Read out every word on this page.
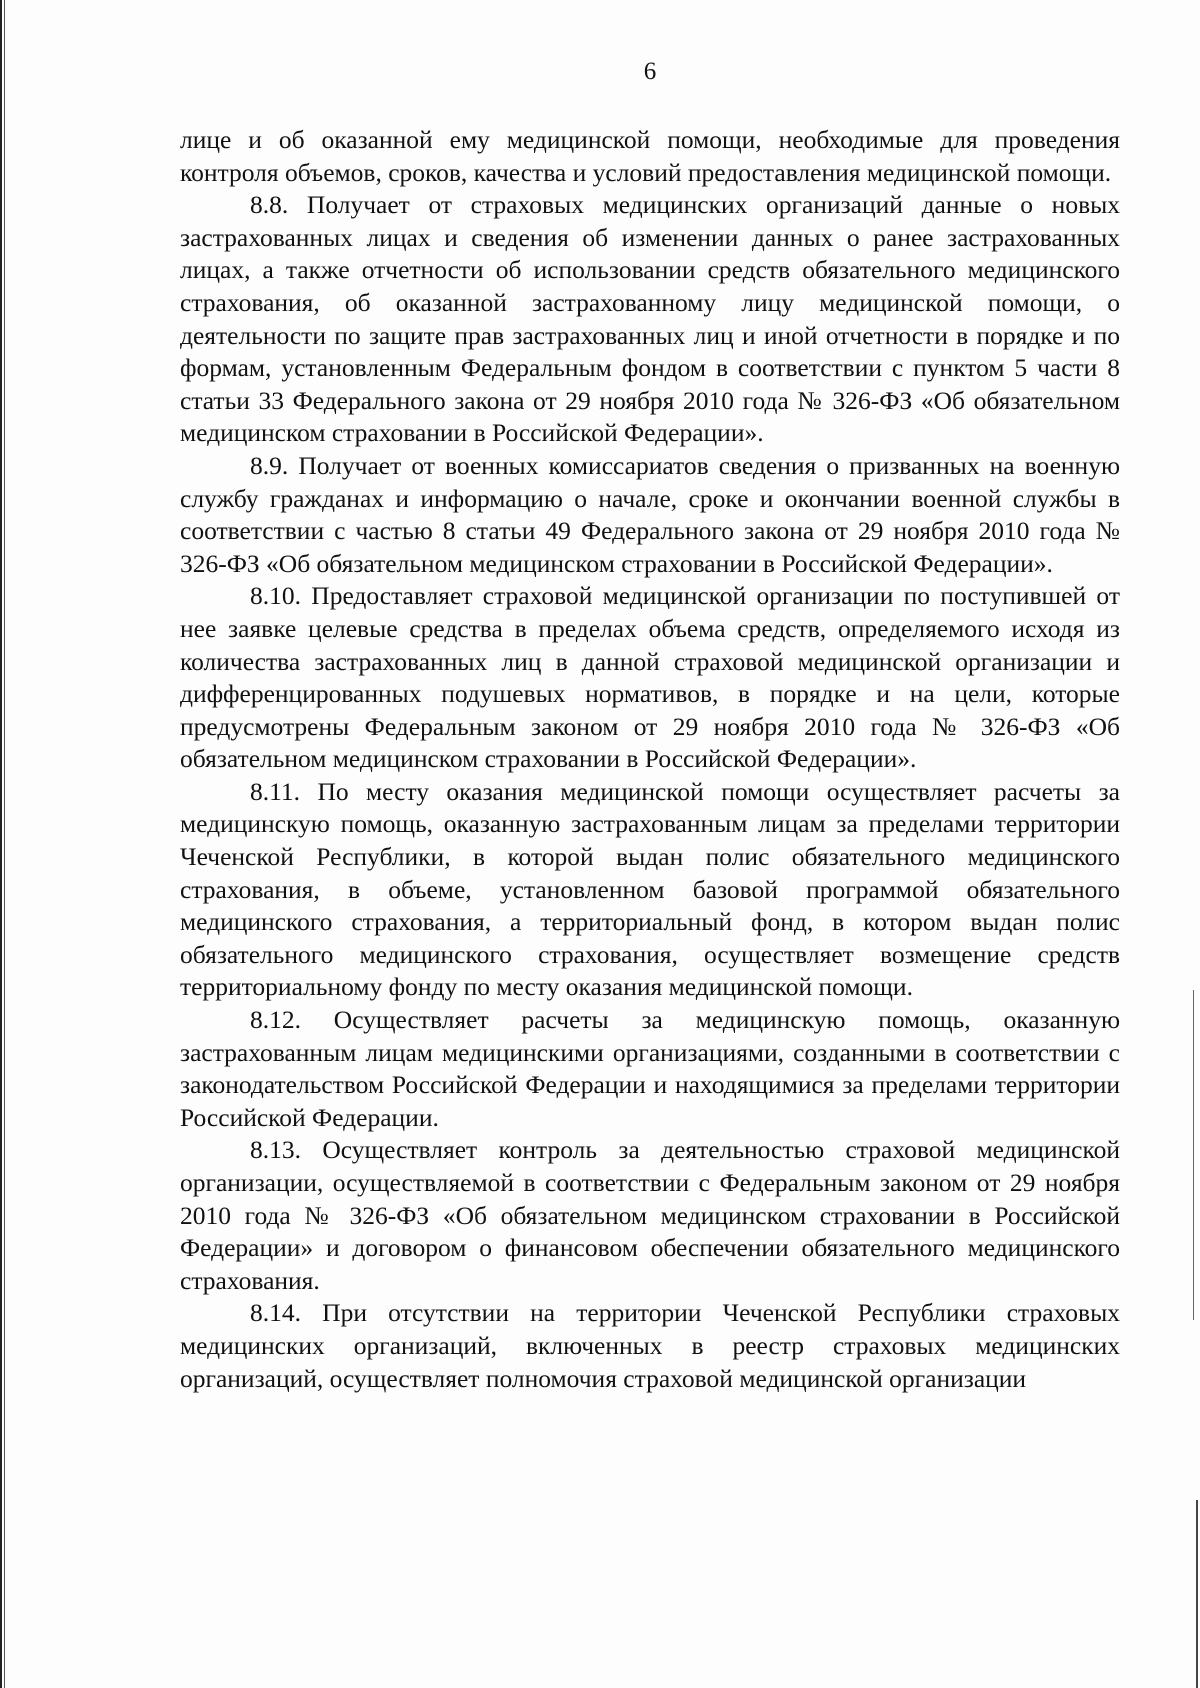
6

лице и об оказанной ему медицинской помощи, необходимые для проведения контроля объемов, сроков, качества и условий предоставления медицинской помощи.

8.8. Получает от страховых медицинских организаций данные о новых застрахованных лицах и сведения об изменении данных о ранее застрахованных лицах, а также отчетности об использовании средств обязательного медицинского страхования, об оказанной застрахованному лицу медицинской помощи, о деятельности по защите прав застрахованных лиц и иной отчетности в порядке и по формам, установленным Федеральным фондом в соответствии с пунктом 5 части 8 статьи 33 Федерального закона от 29 ноября 2010 года № 326-ФЗ «Об обязательном медицинском страховании в Российской Федерации».

8.9. Получает от военных комиссариатов сведения о призванных на военную службу гражданах и информацию о начале, сроке и окончании военной службы в соответствии с частью 8 статьи 49 Федерального закона от 29 ноября 2010 года № 326-ФЗ «Об обязательном медицинском страховании в Российской Федерации».

8.10. Предоставляет страховой медицинской организации по поступившей от нее заявке целевые средства в пределах объема средств, определяемого исходя из количества застрахованных лиц в данной страховой медицинской организации и дифференцированных подушевых нормативов, в порядке и на цели, которые предусмотрены Федеральным законом от 29 ноября 2010 года № 326-ФЗ «Об обязательном медицинском страховании в Российской Федерации».

8.11. По месту оказания медицинской помощи осуществляет расчеты за медицинскую помощь, оказанную застрахованным лицам за пределами территории Чеченской Республики, в которой выдан полис обязательного медицинского страхования, в объеме, установленном базовой программой обязательного медицинского страхования, а территориальный фонд, в котором выдан полис обязательного медицинского страхования, осуществляет возмещение средств территориальному фонду по месту оказания медицинской помощи.

8.12. Осуществляет расчеты за медицинскую помощь, оказанную застрахованным лицам медицинскими организациями, созданными в соответствии с законодательством Российской Федерации и находящимися за пределами территории Российской Федерации.

8.13. Осуществляет контроль за деятельностью страховой медицинской организации, осуществляемой в соответствии с Федеральным законом от 29 ноября 2010 года № 326-ФЗ «Об обязательном медицинском страховании в Российской Федерации» и договором о финансовом обеспечении обязательного медицинского страхования.

8.14. При отсутствии на территории Чеченской Республики страховых медицинских организаций, включенных в реестр страховых медицинских организаций, осуществляет полномочия страховой медицинской организации
